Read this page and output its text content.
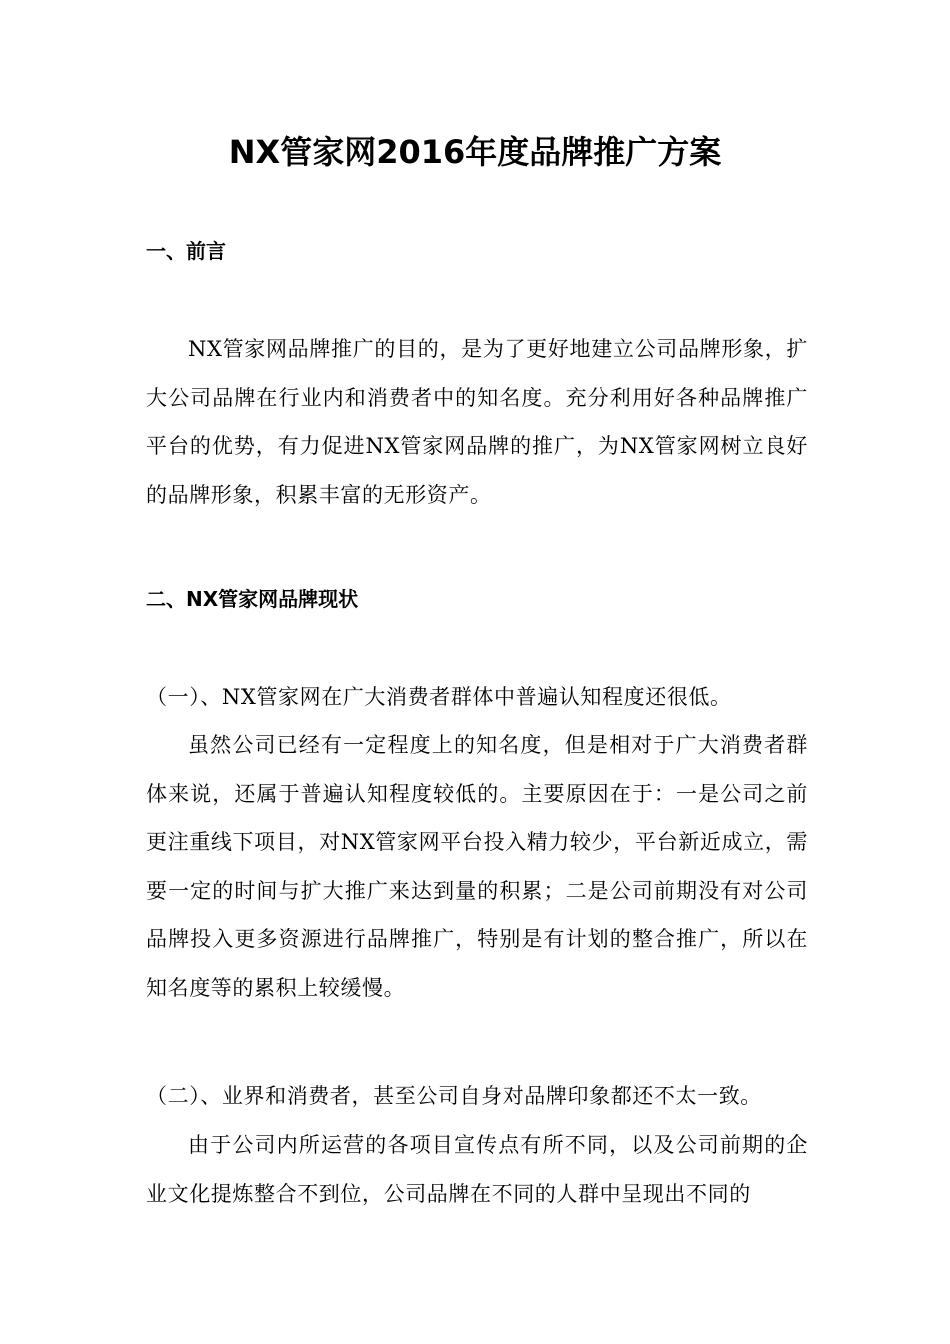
NX管家网2016年度品牌推广方案
一、前言

NX管家网品牌推广的目的，是为了更好地建立公司品牌形象，扩大公司品牌在行业内和消费者中的知名度。充分利用好各种品牌推广平台的优势，有力促进NX管家网品牌的推广，为NX管家网树立良好的品牌形象，积累丰富的无形资产。

二、NX管家网品牌现状

（一）、NX管家网在广大消费者群体中普遍认知程度还很低。

虽然公司已经有一定程度上的知名度，但是相对于广大消费者群体来说，还属于普遍认知程度较低的。主要原因在于：一是公司之前更注重线下项目，对NX管家网平台投入精力较少，平台新近成立，需要一定的时间与扩大推广来达到量的积累；二是公司前期没有对公司品牌投入更多资源进行品牌推广，特别是有计划的整合推广，所以在知名度等的累积上较缓慢。

（二）、业界和消费者，甚至公司自身对品牌印象都还不太一致。

由于公司内所运营的各项目宣传点有所不同，以及公司前期的企业文化提炼整合不到位，公司品牌在不同的人群中呈现出不同的
